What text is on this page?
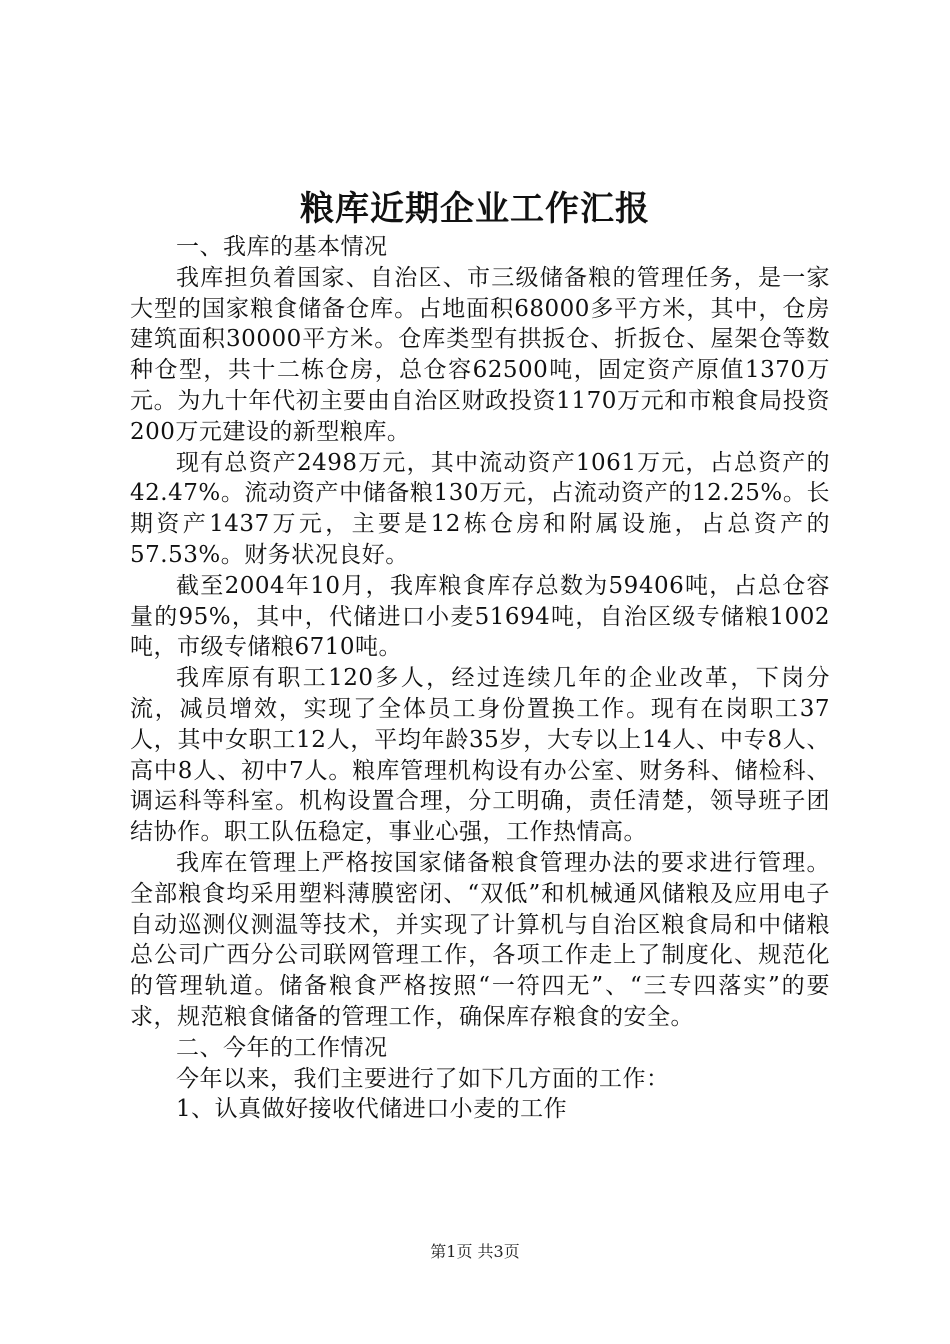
粮库近期企业工作汇报

一、我库的基本情况

我库担负着国家、自治区、市三级储备粮的管理任务，是一家大型的国家粮食储备仓库。占地面积68000多平方米，其中，仓房建筑面积30000平方米。仓库类型有拱扳仓、折扳仓、屋架仓等数种仓型，共十二栋仓房，总仓容62500吨，固定资产原值1370万元。为九十年代初主要由自治区财政投资1170万元和市粮食局投资200万元建设的新型粮库。

现有总资产2498万元，其中流动资产1061万元，占总资产的42.47%。流动资产中储备粮130万元，占流动资产的12.25%。长期资产1437万元，主要是12栋仓房和附属设施，占总资产的57.53%。财务状况良好。

截至2004年10月，我库粮食库存总数为59406吨，占总仓容量的95%，其中，代储进口小麦51694吨，自治区级专储粮1002吨，市级专储粮6710吨。

我库原有职工120多人，经过连续几年的企业改革，下岗分流，减员增效，实现了全体员工身份置换工作。现有在岗职工37人，其中女职工12人，平均年龄35岁，大专以上14人、中专8人、高中8人、初中7人。粮库管理机构设有办公室、财务科、储检科、调运科等科室。机构设置合理，分工明确，责任清楚，领导班子团结协作。职工队伍稳定，事业心强，工作热情高。

我库在管理上严格按国家储备粮食管理办法的要求进行管理。全部粮食均采用塑料薄膜密闭、“双低”和机械通风储粮及应用电子自动巡测仪测温等技术，并实现了计算机与自治区粮食局和中储粮总公司广西分公司联网管理工作，各项工作走上了制度化、规范化的管理轨道。储备粮食严格按照“一符四无”、“三专四落实”的要求，规范粮食储备的管理工作，确保库存粮食的安全。

二、今年的工作情况

今年以来，我们主要进行了如下几方面的工作：

1、认真做好接收代储进口小麦的工作

第1页 共3页
